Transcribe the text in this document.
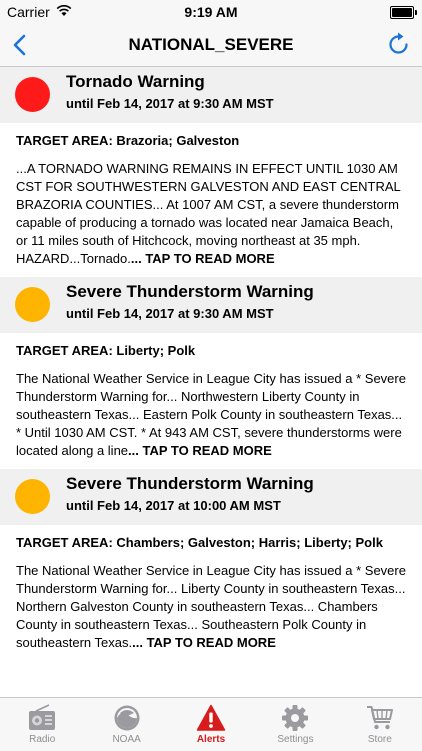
Carrier	9:19 AM
NATIONAL_SEVERE
Tornado Warning
until Feb 14, 2017 at 9:30 AM MST
TARGET AREA: Brazoria; Galveston
...A TORNADO WARNING REMAINS IN EFFECT UNTIL 1030 AM CST FOR SOUTHWESTERN GALVESTON AND EAST CENTRAL BRAZORIA COUNTIES... At 1007 AM CST, a severe thunderstorm capable of producing a tornado was located near Jamaica Beach, or 11 miles south of Hitchcock, moving northeast at 35 mph. HAZARD...Tornado.... TAP TO READ MORE
Severe Thunderstorm Warning
until Feb 14, 2017 at 9:30 AM MST
TARGET AREA: Liberty; Polk
The National Weather Service in League City has issued a * Severe Thunderstorm Warning for... Northwestern Liberty County in southeastern Texas... Eastern Polk County in southeastern Texas... * Until 1030 AM CST. * At 943 AM CST, severe thunderstorms were located along a line... TAP TO READ MORE
Severe Thunderstorm Warning
until Feb 14, 2017 at 10:00 AM MST
TARGET AREA: Chambers; Galveston; Harris; Liberty; Polk
The National Weather Service in League City has issued a * Severe Thunderstorm Warning for... Liberty County in southeastern Texas... Northern Galveston County in southeastern Texas... Chambers County in southeastern Texas... Southeastern Polk County in southeastern Texas.... TAP TO READ MORE
Radio	NOAA	Alerts	Settings	Store
